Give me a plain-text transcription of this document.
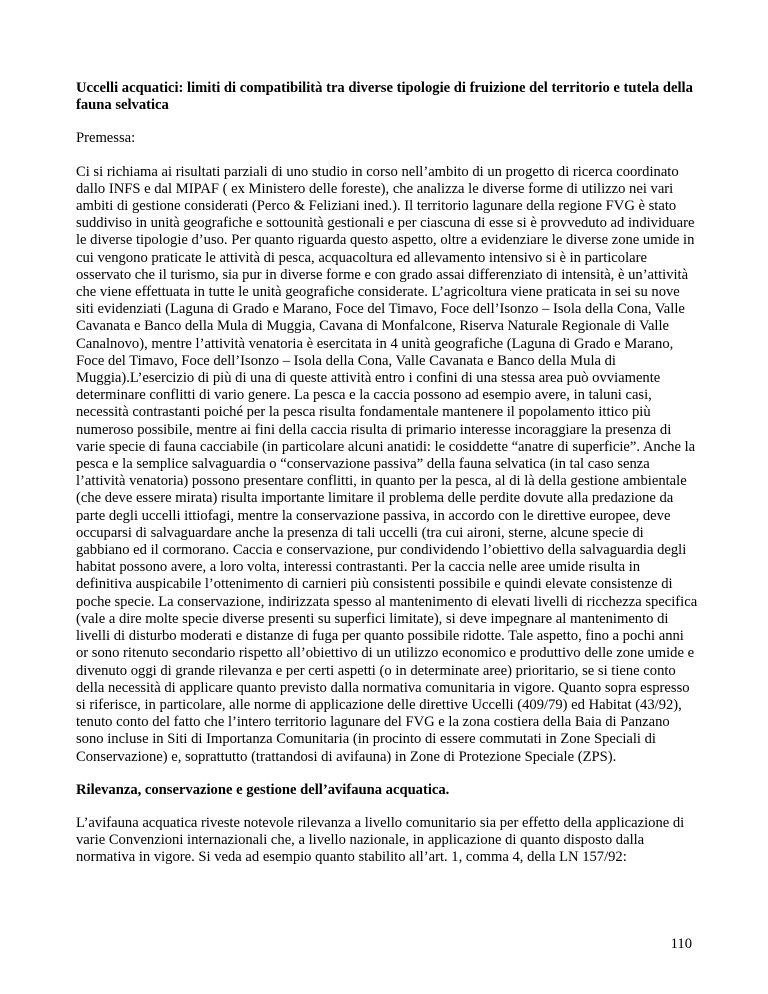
Uccelli acquatici: limiti di compatibilità tra diverse tipologie di fruizione del territorio e tutela della fauna selvatica
Premessa:
Ci si richiama ai risultati parziali di uno studio in corso nell’ambito di un progetto di ricerca coordinato dallo INFS e dal MIPAF ( ex Ministero delle foreste), che analizza le diverse forme di utilizzo nei vari ambiti di gestione considerati (Perco & Feliziani ined.). Il territorio lagunare della regione FVG è stato suddiviso in unità geografiche e sottounità gestionali e per ciascuna di esse si è provveduto ad individuare le diverse tipologie d’uso. Per quanto riguarda questo aspetto, oltre a evidenziare le diverse zone umide in cui vengono praticate le attività di pesca, acquacoltura ed allevamento intensivo si è in particolare osservato che il turismo, sia pur in diverse forme e con grado assai differenziato di intensità, è un’attività che viene effettuata in tutte le unità geografiche considerate. L’agricoltura viene praticata in sei su nove siti evidenziati (Laguna di Grado e Marano, Foce del Timavo, Foce dell’Isonzo – Isola della Cona, Valle Cavanata e Banco della Mula di Muggia, Cavana di Monfalcone, Riserva Naturale Regionale di Valle Canalnovo), mentre l’attività venatoria è esercitata in 4 unità geografiche (Laguna di Grado e Marano, Foce del Timavo, Foce dell’Isonzo – Isola della Cona, Valle Cavanata e Banco della Mula di Muggia).L’esercizio di più di una di queste attività entro i confini di una stessa area può ovviamente determinare conflitti di vario genere. La pesca e la caccia possono ad esempio avere, in taluni casi, necessità contrastanti poiché per la pesca risulta fondamentale mantenere il popolamento ittico più numeroso possibile, mentre ai fini della caccia risulta di primario interesse incoraggiare la presenza di varie specie di fauna cacciabile (in particolare alcuni anatidi: le cosiddette “anatre di superficie”. Anche la pesca e la semplice salvaguardia o “conservazione passiva” della fauna selvatica (in tal caso senza l’attività venatoria) possono presentare conflitti, in quanto per la pesca, al di là della gestione ambientale (che deve essere mirata) risulta importante limitare il problema delle perdite dovute alla predazione da parte degli uccelli ittiofagi, mentre la conservazione passiva, in accordo con le direttive europee, deve occuparsi di salvaguardare anche la presenza di tali uccelli (tra cui aironi, sterne, alcune specie di gabbiano ed il cormorano. Caccia e conservazione, pur condividendo l’obiettivo della salvaguardia degli habitat possono avere, a loro volta, interessi contrastanti. Per la caccia nelle aree umide risulta in definitiva auspicabile l’ottenimento di carnieri più consistenti possibile e quindi elevate consistenze di poche specie. La conservazione, indirizzata spesso al mantenimento di elevati livelli di ricchezza specifica (vale a dire molte specie diverse presenti su superfici limitate), si deve impegnare al mantenimento di livelli di disturbo moderati e distanze di fuga per quanto possibile ridotte. Tale aspetto, fino a pochi anni or sono ritenuto secondario rispetto all’obiettivo di un utilizzo economico e produttivo delle zone umide e divenuto oggi di grande rilevanza e per certi aspetti (o in determinate aree) prioritario, se si tiene conto della necessità di applicare quanto previsto dalla normativa comunitaria in vigore. Quanto sopra espresso si riferisce, in particolare, alle norme di applicazione delle direttive Uccelli (409/79) ed Habitat (43/92), tenuto conto del fatto che l’intero territorio lagunare del FVG e la zona costiera della Baia di Panzano sono incluse in Siti di Importanza Comunitaria (in procinto di essere commutati in Zone Speciali di Conservazione) e, soprattutto (trattandosi di avifauna) in Zone di Protezione Speciale (ZPS).
Rilevanza, conservazione e gestione dell’avifauna acquatica.
L’avifauna acquatica riveste notevole rilevanza a livello comunitario sia per effetto della applicazione di varie Convenzioni internazionali che, a livello nazionale, in applicazione di quanto disposto dalla normativa in vigore. Si veda ad esempio quanto stabilito all’art. 1, comma 4, della LN 157/92:
110
